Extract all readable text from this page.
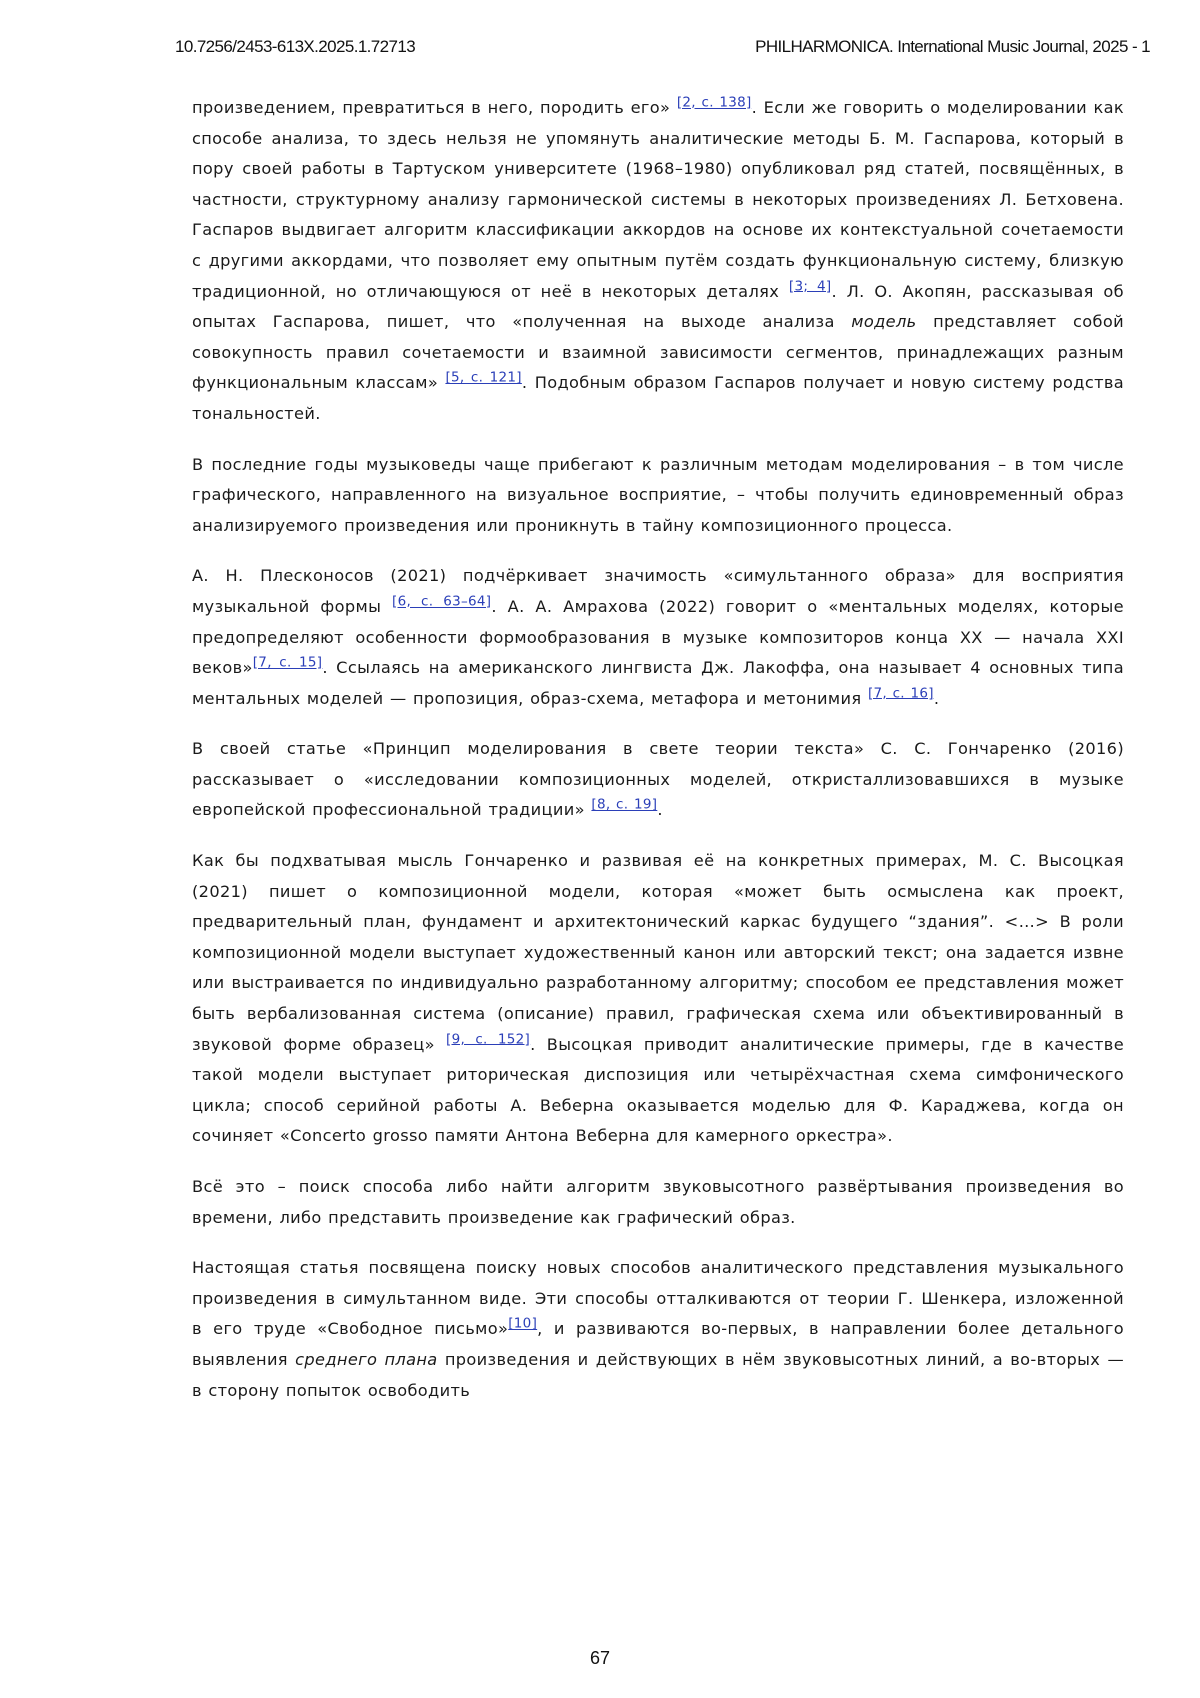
10.7256/2453-613X.2025.1.72713	PHILHARMONICA. International Music Journal, 2025 - 1

произведением, превратиться в него, породить его» [2, с. 138]. Если же говорить о моделировании как способе анализа, то здесь нельзя не упомянуть аналитические методы Б. М. Гаспарова, который в пору своей работы в Тартуском университете (1968–1980) опубликовал ряд статей, посвящённых, в частности, структурному анализу гармонической системы в некоторых произведениях Л. Бетховена. Гаспаров выдвигает алгоритм классификации аккордов на основе их контекстуальной сочетаемости с другими аккордами, что позволяет ему опытным путём создать функциональную систему, близкую традиционной, но отличающуюся от неё в некоторых деталях [3; 4]. Л. О. Акопян, рассказывая об опытах Гаспарова, пишет, что «полученная на выходе анализа модель представляет собой совокупность правил сочетаемости и взаимной зависимости сегментов, принадлежащих разным функциональным классам» [5, с. 121]. Подобным образом Гаспаров получает и новую систему родства тональностей.

В последние годы музыковеды чаще прибегают к различным методам моделирования – в том числе графического, направленного на визуальное восприятие, – чтобы получить единовременный образ анализируемого произведения или проникнуть в тайну композиционного процесса.

А. Н. Плесконосов (2021) подчёркивает значимость «симультанного образа» для восприятия музыкальной формы [6, с. 63–64]. А. А. Амрахова (2022) говорит о «ментальных моделях, которые предопределяют особенности формообразования в музыке композиторов конца XX — начала XXI веков»[7, с. 15]. Ссылаясь на американского лингвиста Дж. Лакоффа, она называет 4 основных типа ментальных моделей — пропозиция, образ-схема, метафора и метонимия [7, с. 16].

В своей статье «Принцип моделирования в свете теории текста» С. С. Гончаренко (2016) рассказывает о «исследовании композиционных моделей, откристаллизовавшихся в музыке европейской профессиональной традиции» [8, с. 19].

Как бы подхватывая мысль Гончаренко и развивая её на конкретных примерах, М. С. Высоцкая (2021) пишет о композиционной модели, которая «может быть осмыслена как проект, предварительный план, фундамент и архитектонический каркас будущего “здания”. <…> В роли композиционной модели выступает художественный канон или авторский текст; она задается извне или выстраивается по индивидуально разработанному алгоритму; способом ее представления может быть вербализованная система (описание) правил, графическая схема или объективированный в звуковой форме образец» [9, с. 152]. Высоцкая приводит аналитические примеры, где в качестве такой модели выступает риторическая диспозиция или четырёхчастная схема симфонического цикла; способ серийной работы А. Веберна оказывается моделью для Ф. Караджева, когда он сочиняет «Concerto grosso памяти Антона Веберна для камерного оркестра».

Всё это – поиск способа либо найти алгоритм звуковысотного развёртывания произведения во времени, либо представить произведение как графический образ.

Настоящая статья посвящена поиску новых способов аналитического представления музыкального произведения в симультанном виде. Эти способы отталкиваются от теории Г. Шенкера, изложенной в его труде «Свободное письмо»[10], и развиваются во-первых, в направлении более детального выявления среднего плана произведения и действующих в нём звуковысотных линий, а во-вторых — в сторону попыток освободить

67
